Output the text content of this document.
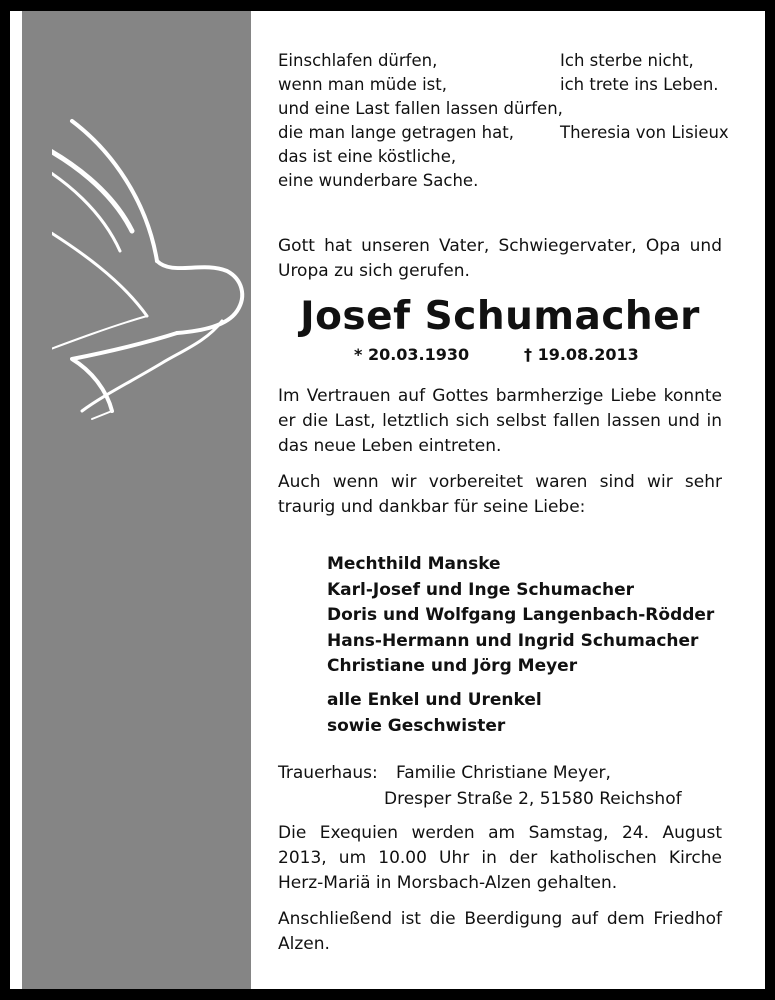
Einschlafen dürfen,
wenn man müde ist,
und eine Last fallen lassen dürfen,
die man lange getragen hat,
das ist eine köstliche,
eine wunderbare Sache.
Ich sterbe nicht,
ich trete ins Leben.
Theresia von Lisieux
Gott hat unseren Vater, Schwiegervater, Opa und Uropa zu sich gerufen.
Josef Schumacher
* 20.03.1930	† 19.08.2013
Im Vertrauen auf Gottes barmherzige Liebe konnte er die Last, letztlich sich selbst fallen lassen und in das neue Leben eintreten.
Auch wenn wir vorbereitet waren sind wir sehr traurig und dankbar für seine Liebe:
Mechthild Manske
Karl-Josef und Inge Schumacher
Doris und Wolfgang Langenbach-Rödder
Hans-Hermann und Ingrid Schumacher
Christiane und Jörg Meyer
alle Enkel und Urenkel
sowie Geschwister
Trauerhaus: Familie Christiane Meyer,
Dresper Straße 2, 51580 Reichshof
Die Exequien werden am Samstag, 24. August 2013, um 10.00 Uhr in der katholischen Kirche Herz-Mariä in Morsbach-Alzen gehalten.
Anschließend ist die Beerdigung auf dem Friedhof Alzen.
